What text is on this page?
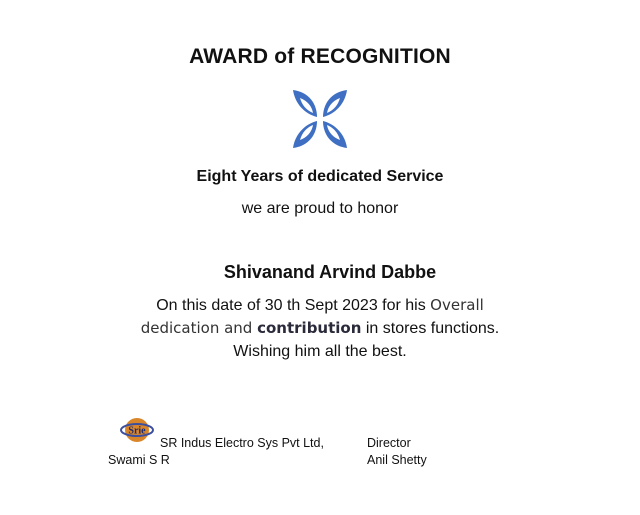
AWARD of RECOGNITION
Eight Years of dedicated Service
we are proud to honor
Shivanand Arvind Dabbe
On this date of 30 th Sept 2023 for his Overall
dedication and contribution in stores functions.
Wishing him all the best.
Srie
SR Indus Electro Sys Pvt Ltd,
Swami S R
Director
Anil Shetty
